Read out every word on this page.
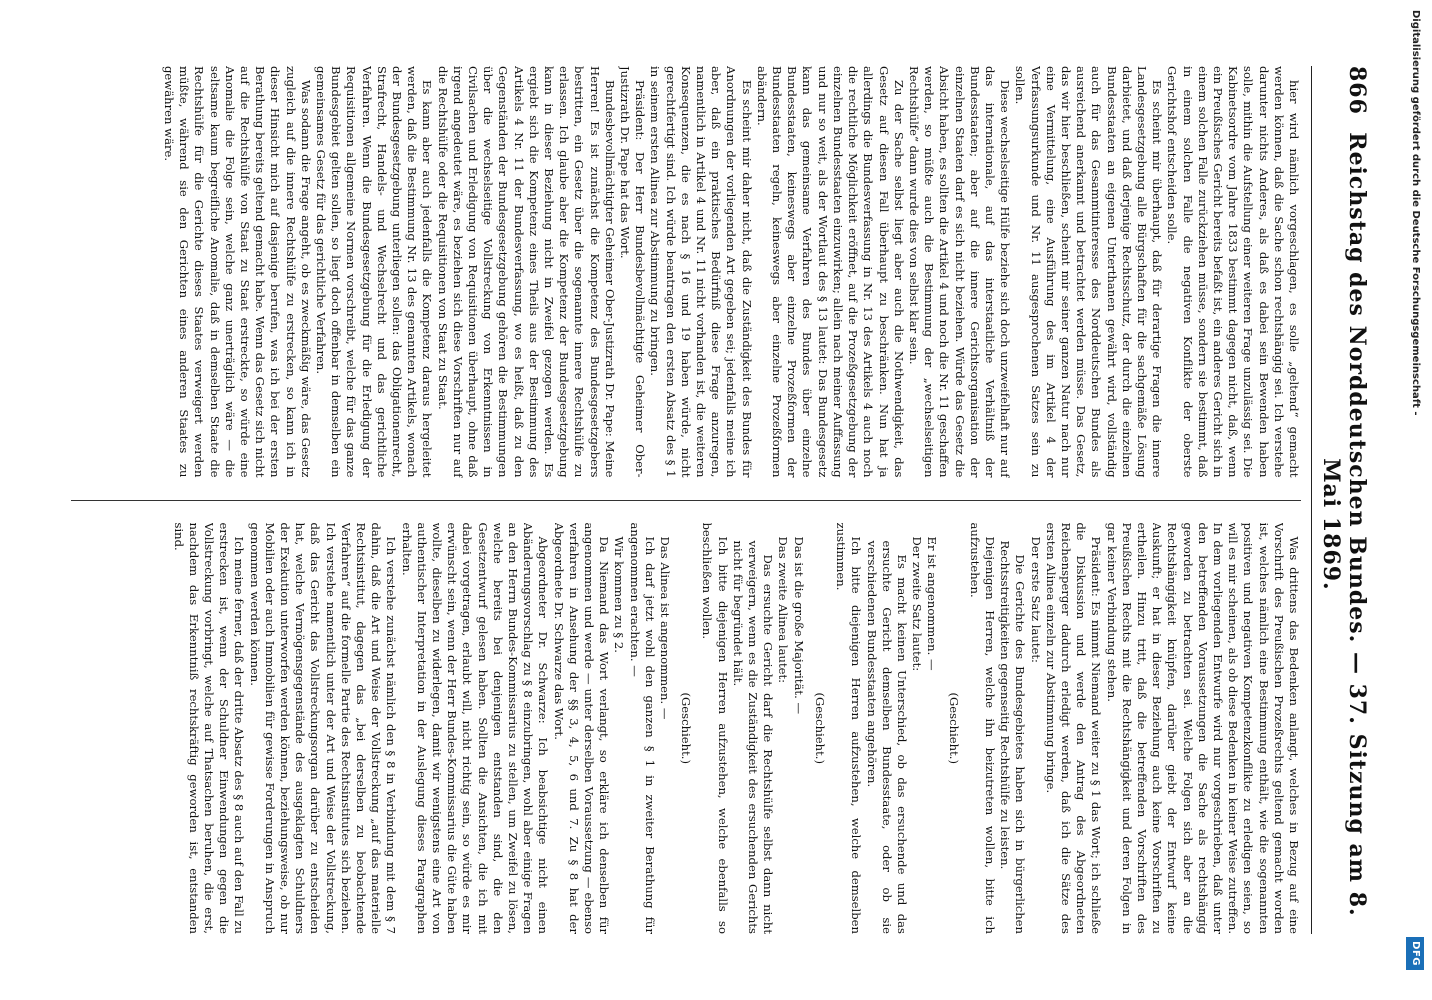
866
Reichstag des Norddeutschen Bundes. — 37. Sitzung am 8. Mai 1869.

hier wird nämlich vorgeschlagen, es solle „geltend“ gemacht werden können, daß die Sache schon rechtshängig sei. Ich verstehe darunter nichts Anderes, als daß es dabei sein Bewenden haben solle, mithin die Aufstellung einer weiteren Frage unzulässig sei. Die Kabinetsordre vom Jahre 1833 bestimmt dagegen nicht, daß, wenn ein Preußisches Gericht bereits befaßt ist, ein anderes Gericht sich in einem solchen Falle zurückziehen müsse, sondern sie bestimmt, daß in einem solchen Falle die negativen Konflikte der oberste Gerichtshof entscheiden solle.

Es scheint mir überhaupt, daß für derartige Fragen die innere Landesgesetzgebung alle Bürgschaften für die sachgemäße Lösung darbietet, und daß derjenige Rechtsschutz, der durch die einzelnen Bundesstaaten an eigenen Unterthanen gewährt wird, vollständig auch für das Gesammtinteresse des Norddeutschen Bundes als ausreichend anerkannt und betrachtet werden müsse. Das Gesetz, das wir hier beschließen, scheint mir seiner ganzen Natur nach nur eine Vermittelung, eine Ausführung des im Artikel 4 der Verfassungsurkunde und Nr. 11 ausgesprochenen Satzes sein zu sollen.

Diese wechselseitige Hülfe beziehe sich doch unzweifelhaft nur auf das internationale, auf das interstaatliche Verhältniß der Bundesstaaten; aber auf die innere Gerichtsorganisation der einzelnen Staaten darf es sich nicht beziehen. Würde das Gesetz die Absicht haben, es sollten die Artikel 4 und noch die Nr. 11 geschaffen werden, so müßte auch die Bestimmung der „wechselseitigen Rechtshülfe“ dann wurde dies von selbst klar sein.

Zu der Sache selbst liegt aber auch die Nothwendigkeit, das Gesetz auf diesen Fall überhaupt zu beschränken. Nun hat ja allerdings die Bundesverfassung in Nr. 13 des Artikels 4 auch noch die rechtliche Möglichkeit eröffnet, auf die Prozeßgesetzgebung der einzelnen Bundesstaaten einzuwirken; allein nach meiner Auffassung und nur so weit, als der Wortlaut des § 13 lautet: Das Bundesgesetz kann das gemeinsame Verfahren des Bundes über einzelne Bundesstaaten, keineswegs aber einzelne Prozeßformen der Bundesstaaten regeln, keineswegs aber einzelne Prozeßformen abändern.

Es scheint mir daher nicht, daß die Zuständigkeit des Bundes für Anordnungen der vorliegenden Art gegeben sei; jedenfalls meine ich aber, daß ein praktisches Bedürfniß diese Frage anzuregen, namentlich in Artikel 4 und Nr. 11 nicht vorhanden ist, die weiteren Konsequenzen, die es nach § 16 und 19 haben würde, nicht gerechtfertigt sind. Ich würde beantragen den ersten Absatz des § 1 in seinem ersten Alinea zur Abstimmung zu bringen.

Präsident: Der Herr Bundesbevollmächtigte Geheimer Ober-Justizrath Dr. Pape hat das Wort.

Bundesbevollmächtigter Geheimer Ober-Justizrath Dr. Pape: Meine Herren! Es ist zunächst die Kompetenz des Bundesgesetzgebers bestritten, ein Gesetz über die sogenannte innere Rechtshülfe zu erlassen. Ich glaube aber die Kompetenz der Bundesgesetzgebung kann in dieser Beziehung nicht in Zweifel gezogen werden. Es ergiebt sich die Kompetenz eines Theils aus der Bestimmung des Artikels 4 Nr. 11 der Bundesverfassung, wo es heißt, daß zu den Gegenständen der Bundesgesetzgebung gehören die Bestimmungen über die wechselseitige Vollstreckung von Erkenntnissen in Civilsachen und Erledigung von Requisitionen überhaupt, ohne daß irgend angedeutet wäre, es beziehen sich diese Vorschriften nur auf die Rechtshülfe oder die Requisitionen von Staat zu Staat.

Es kann aber auch jedenfalls die Kompetenz daraus hergeleitet werden, daß die Bestimmung Nr. 13 des genannten Artikels, wonach der Bundesgesetzgebung unterliegen sollen: das Obligationenrecht, Strafrecht, Handels- und Wechselrecht und das gerichtliche Verfahren. Wenn die Bundesgesetzgebung für die Erledigung der Requisitionen allgemeine Normen vorschreibt, welche für das ganze Bundesgebiet gelten sollen, so liegt doch offenbar in demselben ein gemeinsames Gesetz für das gerichtliche Verfahren.

Was sodann die Frage angeht, ob es zweckmäßig wäre, das Gesetz zugleich auf die innere Rechtshülfe zu erstrecken, so kann ich in dieser Hinsicht mich auf dasjenige berufen, was ich bei der ersten Berathung bereits geltend gemacht habe. Wenn das Gesetz sich nicht auf die Rechtshülfe von Staat zu Staat erstreckte, so würde eine Anomalie die Folge sein, welche ganz unerträglich wäre — die seltsame kaum begreifliche Anomalie, daß in demselben Staate die Rechtshülfe für die Gerichte dieses Staates verweigert werden müßte, während sie den Gerichten eines anderen Staates zu gewähren wäre.

Was drittens das Bedenken anlangt, welches in Bezug auf eine Vorschrift des Preußischen Prozeßrechts geltend gemacht worden ist, welches nämlich eine Bestimmung enthält, wie die sogenannten positiven und negativen Kompetenzkonflikte zu erledigen seien, so will es mir scheinen, als ob diese Bedenken in keiner Weise zutreffen. In dem vorliegenden Entwurfe wird nur vorgeschrieben, daß unter den betreffenden Voraussetzungen die Sache als rechtshängig geworden zu betrachten sei. Welche Folgen sich aber an die Rechtshängigkeit knüpfen, darüber giebt der Entwurf keine Auskunft; er hat in dieser Beziehung auch keine Vorschriften zu ertheilen. Hinzu tritt, daß die betreffenden Vorschriften des Preußischen Rechts mit die Rechtshängigkeit und deren Folgen in gar keiner Verbindung stehen.

Präsident: Es nimmt Niemand weiter zu § 1 das Wort; ich schließe die Diskussion und werde den Antrag des Abgeordneten Reichensperger dadurch erledigt werden, daß ich die Sätze des ersten Alinea einzeln zur Abstimmung bringe.

Der erste Satz lautet:

Die Gerichte des Bundesgebietes haben sich in bürgerlichen Rechtsstreitigkeiten gegenseitig Rechtshülfe zu leisten.

Diejenigen Herren, welche ihn beizutreten wollen, bitte ich aufzustehen.

(Geschieht.)

Er ist angenommen. —

Der zweite Satz lautet:

Es macht keinen Unterschied, ob das ersuchende und das ersuchte Gericht demselben Bundesstaate, oder ob sie verschiedenen Bundesstaaten angehören.

Ich bitte diejenigen Herren aufzustehen, welche demselben zustimmen.

(Geschieht.)

Das ist die große Majorität. —

Das zweite Alinea lautet:

Das ersuchte Gericht darf die Rechtshülfe selbst dann nicht verweigern, wenn es die Zuständigkeit des ersuchenden Gerichts nicht für begründet hält.

Ich bitte diejenigen Herren aufzustehen, welche ebenfalls so beschließen wollen.

(Geschieht.)

Das Alinea ist angenommen. —

Ich darf jetzt wohl den ganzen § 1 in zweiter Berathung für angenommen erachten. —

Wir kommen zu § 2.

Da Niemand das Wort verlangt, so erkläre ich denselben für angenommen und werde — unter derselben Voraussetzung — ebenso verfahren in Ansehung der §§ 3, 4, 5, 6 und 7. Zu § 8 hat der Abgeordnete Dr. Schwarze das Wort.

Abgeordneter Dr. Schwarze: Ich beabsichtige nicht einen Abänderungsvorschlag zu § 8 einzubringen, wohl aber einige Fragen an den Herrn Bundes-Kommissarius zu stellen, um Zweifel zu lösen, welche bereits bei denjenigen entstanden sind, die den Gesetzentwurf gelesen haben. Sollten die Ansichten, die ich mit dabei vorgetragen, erlaubt will, nicht richtig sein, so würde es mir erwünscht sein, wenn der Herr Bundes-Kommissarius die Güte haben wollte, dieselben zu widerlegen, damit wir wenigstens eine Art von authentischer Interpretation in der Auslegung dieses Paragraphen erhalten.

Ich verstehe zunächst nämlich den § 8 in Verbindung mit dem § 7 dahin, daß die Art und Weise der Vollstreckung „auf das materielle Rechtsinstitut, dagegen das „bei derselben zu beobachtende Verfahren“ auf die formelle Partie des Rechtsinstitutes sich beziehen. Ich verstehe namentlich unter der Art und Weise der Vollstreckung, daß das Gericht das Vollstreckungsorgan darüber zu entscheiden hat, welche Vermögensgegenstände des ausgeklagten Schuldners der Exekution unterworfen werden können, beziehungsweise, ob nur Mobilien oder auch Immobilien für gewisse Forderungen in Anspruch genommen werden können.

Ich meine ferner, daß der dritte Absatz des § 8 auch auf den Fall zu erstrecken ist, wenn der Schuldner Einwendungen gegen die Vollstreckung vorbringt, welche auf Thatsachen beruhen, die erst, nachdem das Erkenntniß rechtskräftig geworden ist, entstanden sind.

Digitalisierung gefördert durch die Deutsche Forschungsgemeinschaft -
DFG
